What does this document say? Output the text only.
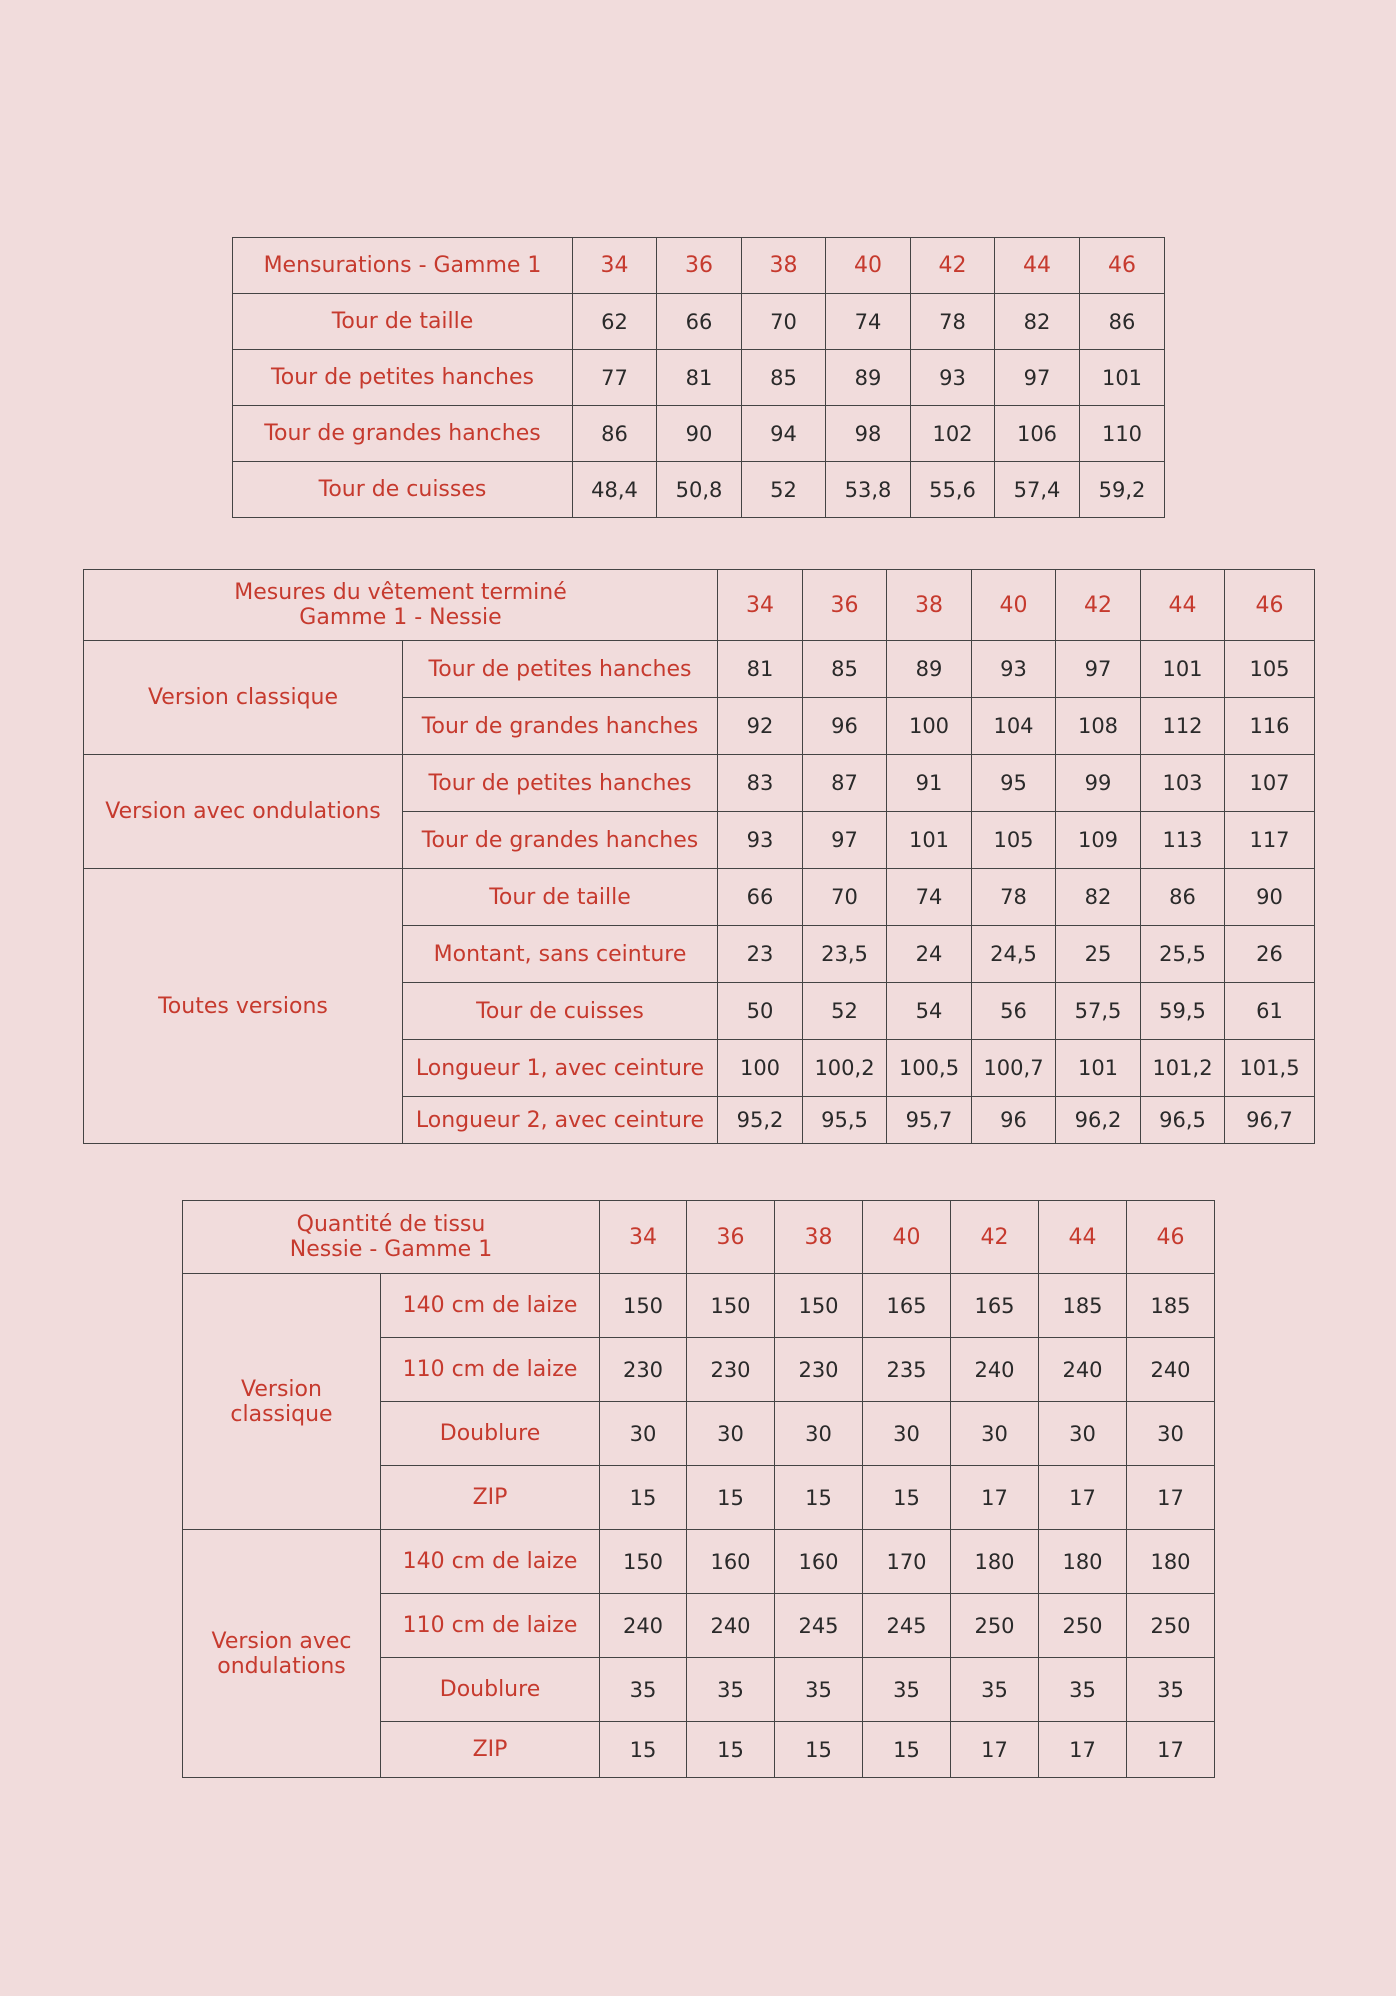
Mensurations - Gamme 1	34	36	38	40	42	44	46
Tour de taille	62	66	70	74	78	82	86
Tour de petites hanches	77	81	85	89	93	97	101
Tour de grandes hanches	86	90	94	98	102	106	110
Tour de cuisses	48,4	50,8	52	53,8	55,6	57,4	59,2
Mesures du vêtement terminé
Gamme 1 - Nessie		34	36	38	40	42	44	46
Version classique	Tour de petites hanches	81	85	89	93	97	101	105
	Tour de grandes hanches	92	96	100	104	108	112	116
Version avec ondulations	Tour de petites hanches	83	87	91	95	99	103	107
	Tour de grandes hanches	93	97	101	105	109	113	117
Toutes versions	Tour de taille	66	70	74	78	82	86	90
	Montant, sans ceinture	23	23,5	24	24,5	25	25,5	26
	Tour de cuisses	50	52	54	56	57,5	59,5	61
	Longueur 1, avec ceinture	100	100,2	100,5	100,7	101	101,2	101,5
	Longueur 2, avec ceinture	95,2	95,5	95,7	96	96,2	96,5	96,7
Quantité de tissu
Nessie - Gamme 1		34	36	38	40	42	44	46

Version
classique	140 cm de laize	150	150	150	165	165	185	185
	110 cm de laize	230	230	230	235	240	240	240
	Doublure	30	30	30	30	30	30	30
	ZIP	15	15	15	15	17	17	17

Version avec
ondulations	140 cm de laize	150	160	160	170	180	180	180
	110 cm de laize	240	240	245	245	250	250	250
	Doublure	35	35	35	35	35	35	35
	ZIP	15	15	15	15	17	17	17
